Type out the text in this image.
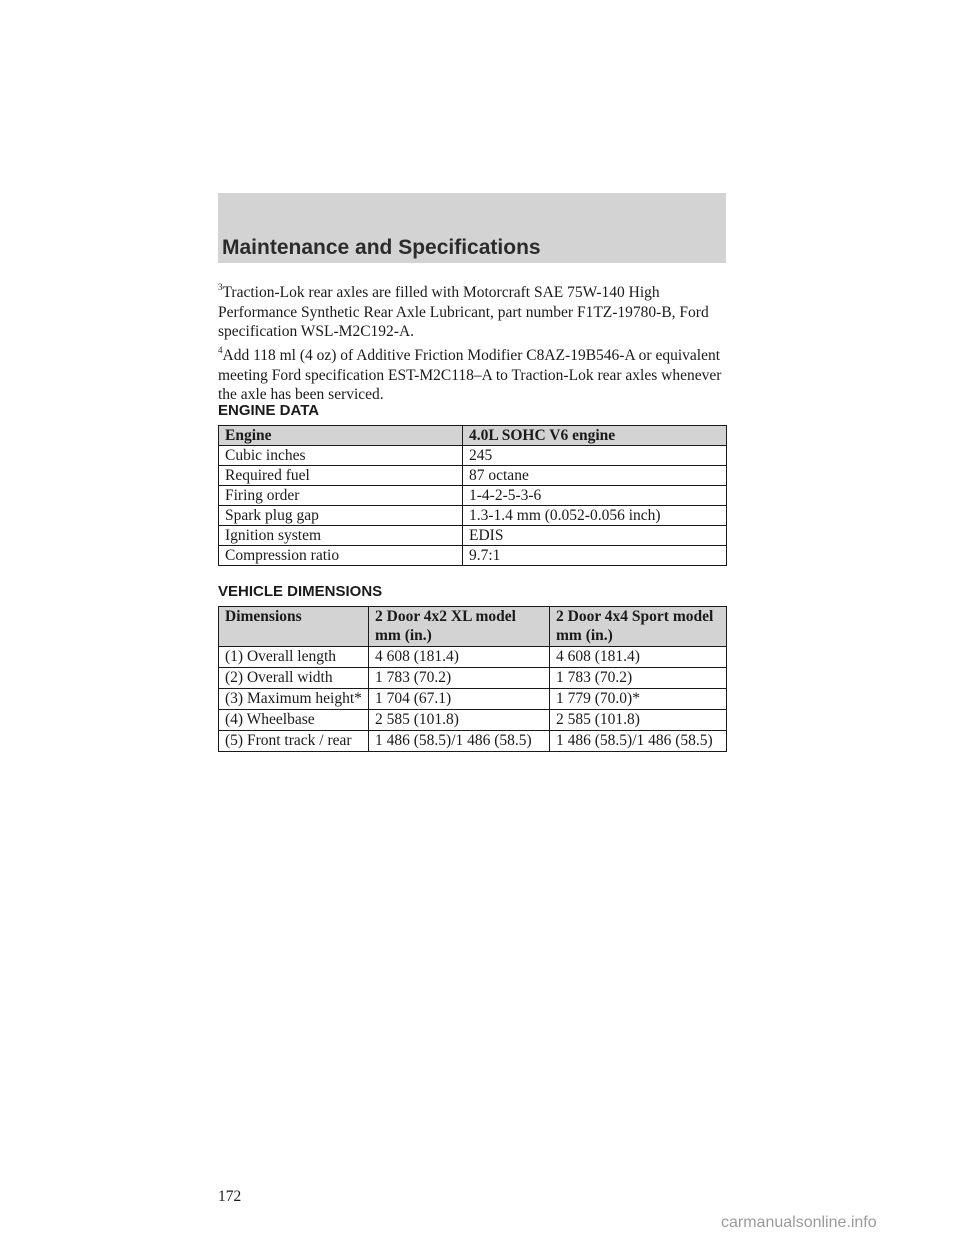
Maintenance and Specifications
$^3$Traction-Lok rear axles are filled with Motorcraft SAE 75W-140 High Performance Synthetic Rear Axle Lubricant, part number F1TZ-19780-B, Ford specification WSL-M2C192-A.
$^4$Add 118 ml (4 oz) of Additive Friction Modifier C8AZ-19B546-A or equivalent meeting Ford specification EST-M2C118–A to Traction-Lok rear axles whenever the axle has been serviced.
ENGINE DATA
Engine	4.0L SOHC V6 engine
Cubic inches	245
Required fuel	87 octane
Firing order	1-4-2-5-3-6
Spark plug gap	1.3-1.4 mm (0.052-0.056 inch)
Ignition system	EDIS
Compression ratio	9.7:1
VEHICLE DIMENSIONS
Dimensions	2 Door 4x2 XL model mm (in.)	2 Door 4x4 Sport model mm (in.)
(1) Overall length	4 608 (181.4)	4 608 (181.4)
(2) Overall width	1 783 (70.2)	1 783 (70.2)
(3) Maximum height*	1 704 (67.1)	1 779 (70.0)*
(4) Wheelbase	2 585 (101.8)	2 585 (101.8)
(5) Front track / rear	1 486 (58.5)/1 486 (58.5)	1 486 (58.5)/1 486 (58.5)
172
carmanualsonline.info
